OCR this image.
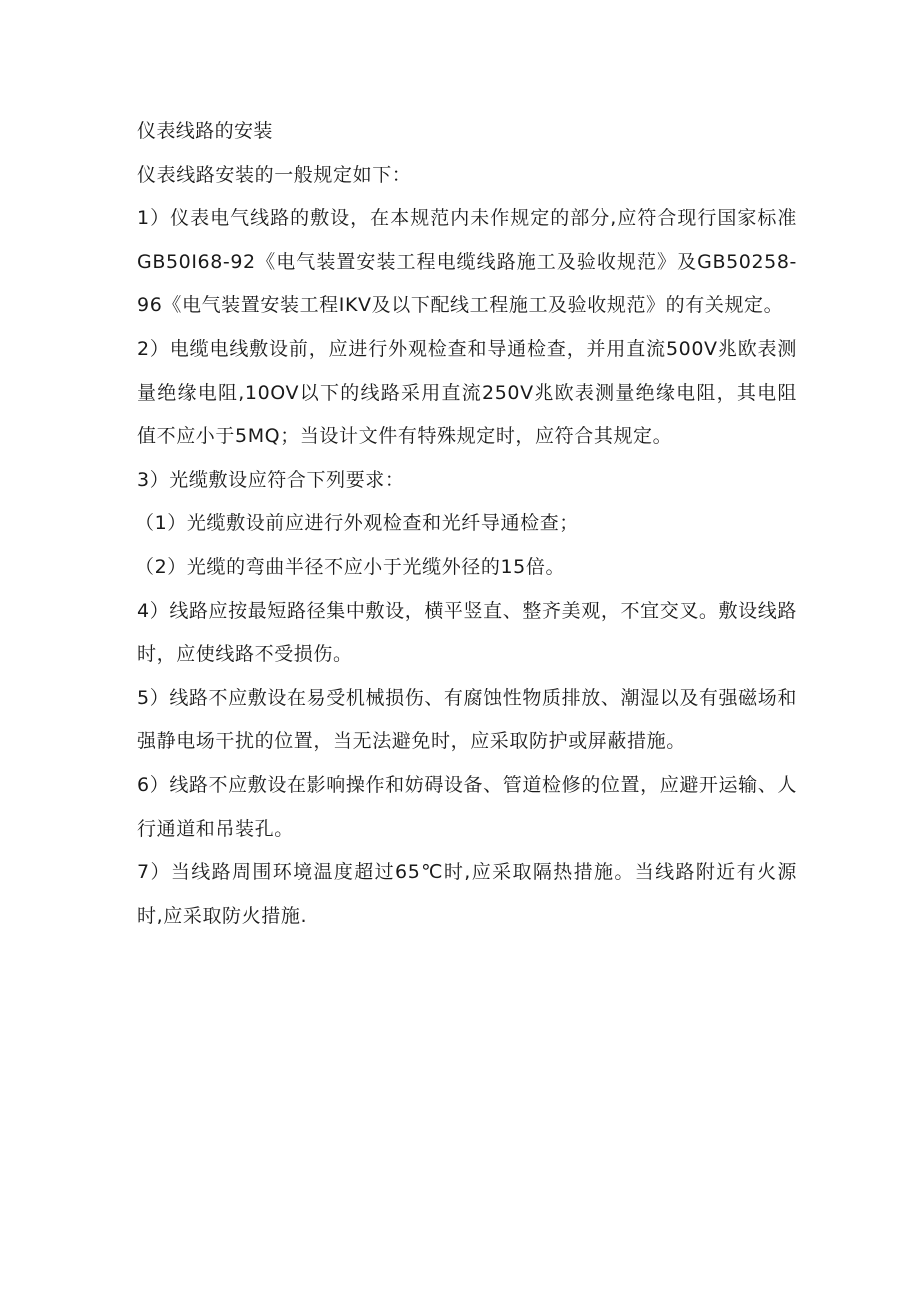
仪表线路的安装

仪表线路安装的一般规定如下：

1）仪表电气线路的敷设，在本规范内未作规定的部分,应符合现行国家标准GB50I68-92《电气装置安装工程电缆线路施工及验收规范》及GB50258-96《电气装置安装工程IKV及以下配线工程施工及验收规范》的有关规定。

2）电缆电线敷设前，应进行外观检查和导通检查，并用直流500V兆欧表测量绝缘电阻,10OV以下的线路采用直流250V兆欧表测量绝缘电阻，其电阻值不应小于5MQ；当设计文件有特殊规定时，应符合其规定。

3）光缆敷设应符合下列要求：

（1）光缆敷设前应进行外观检查和光纤导通检查；

（2）光缆的弯曲半径不应小于光缆外径的15倍。

4）线路应按最短路径集中敷设，横平竖直、整齐美观，不宜交叉。敷设线路时，应使线路不受损伤。

5）线路不应敷设在易受机械损伤、有腐蚀性物质排放、潮湿以及有强磁场和强静电场干扰的位置，当无法避免时，应采取防护或屏蔽措施。

6）线路不应敷设在影响操作和妨碍设备、管道检修的位置，应避开运输、人行通道和吊装孔。

7）当线路周围环境温度超过65℃时,应采取隔热措施。当线路附近有火源时,应采取防火措施.
